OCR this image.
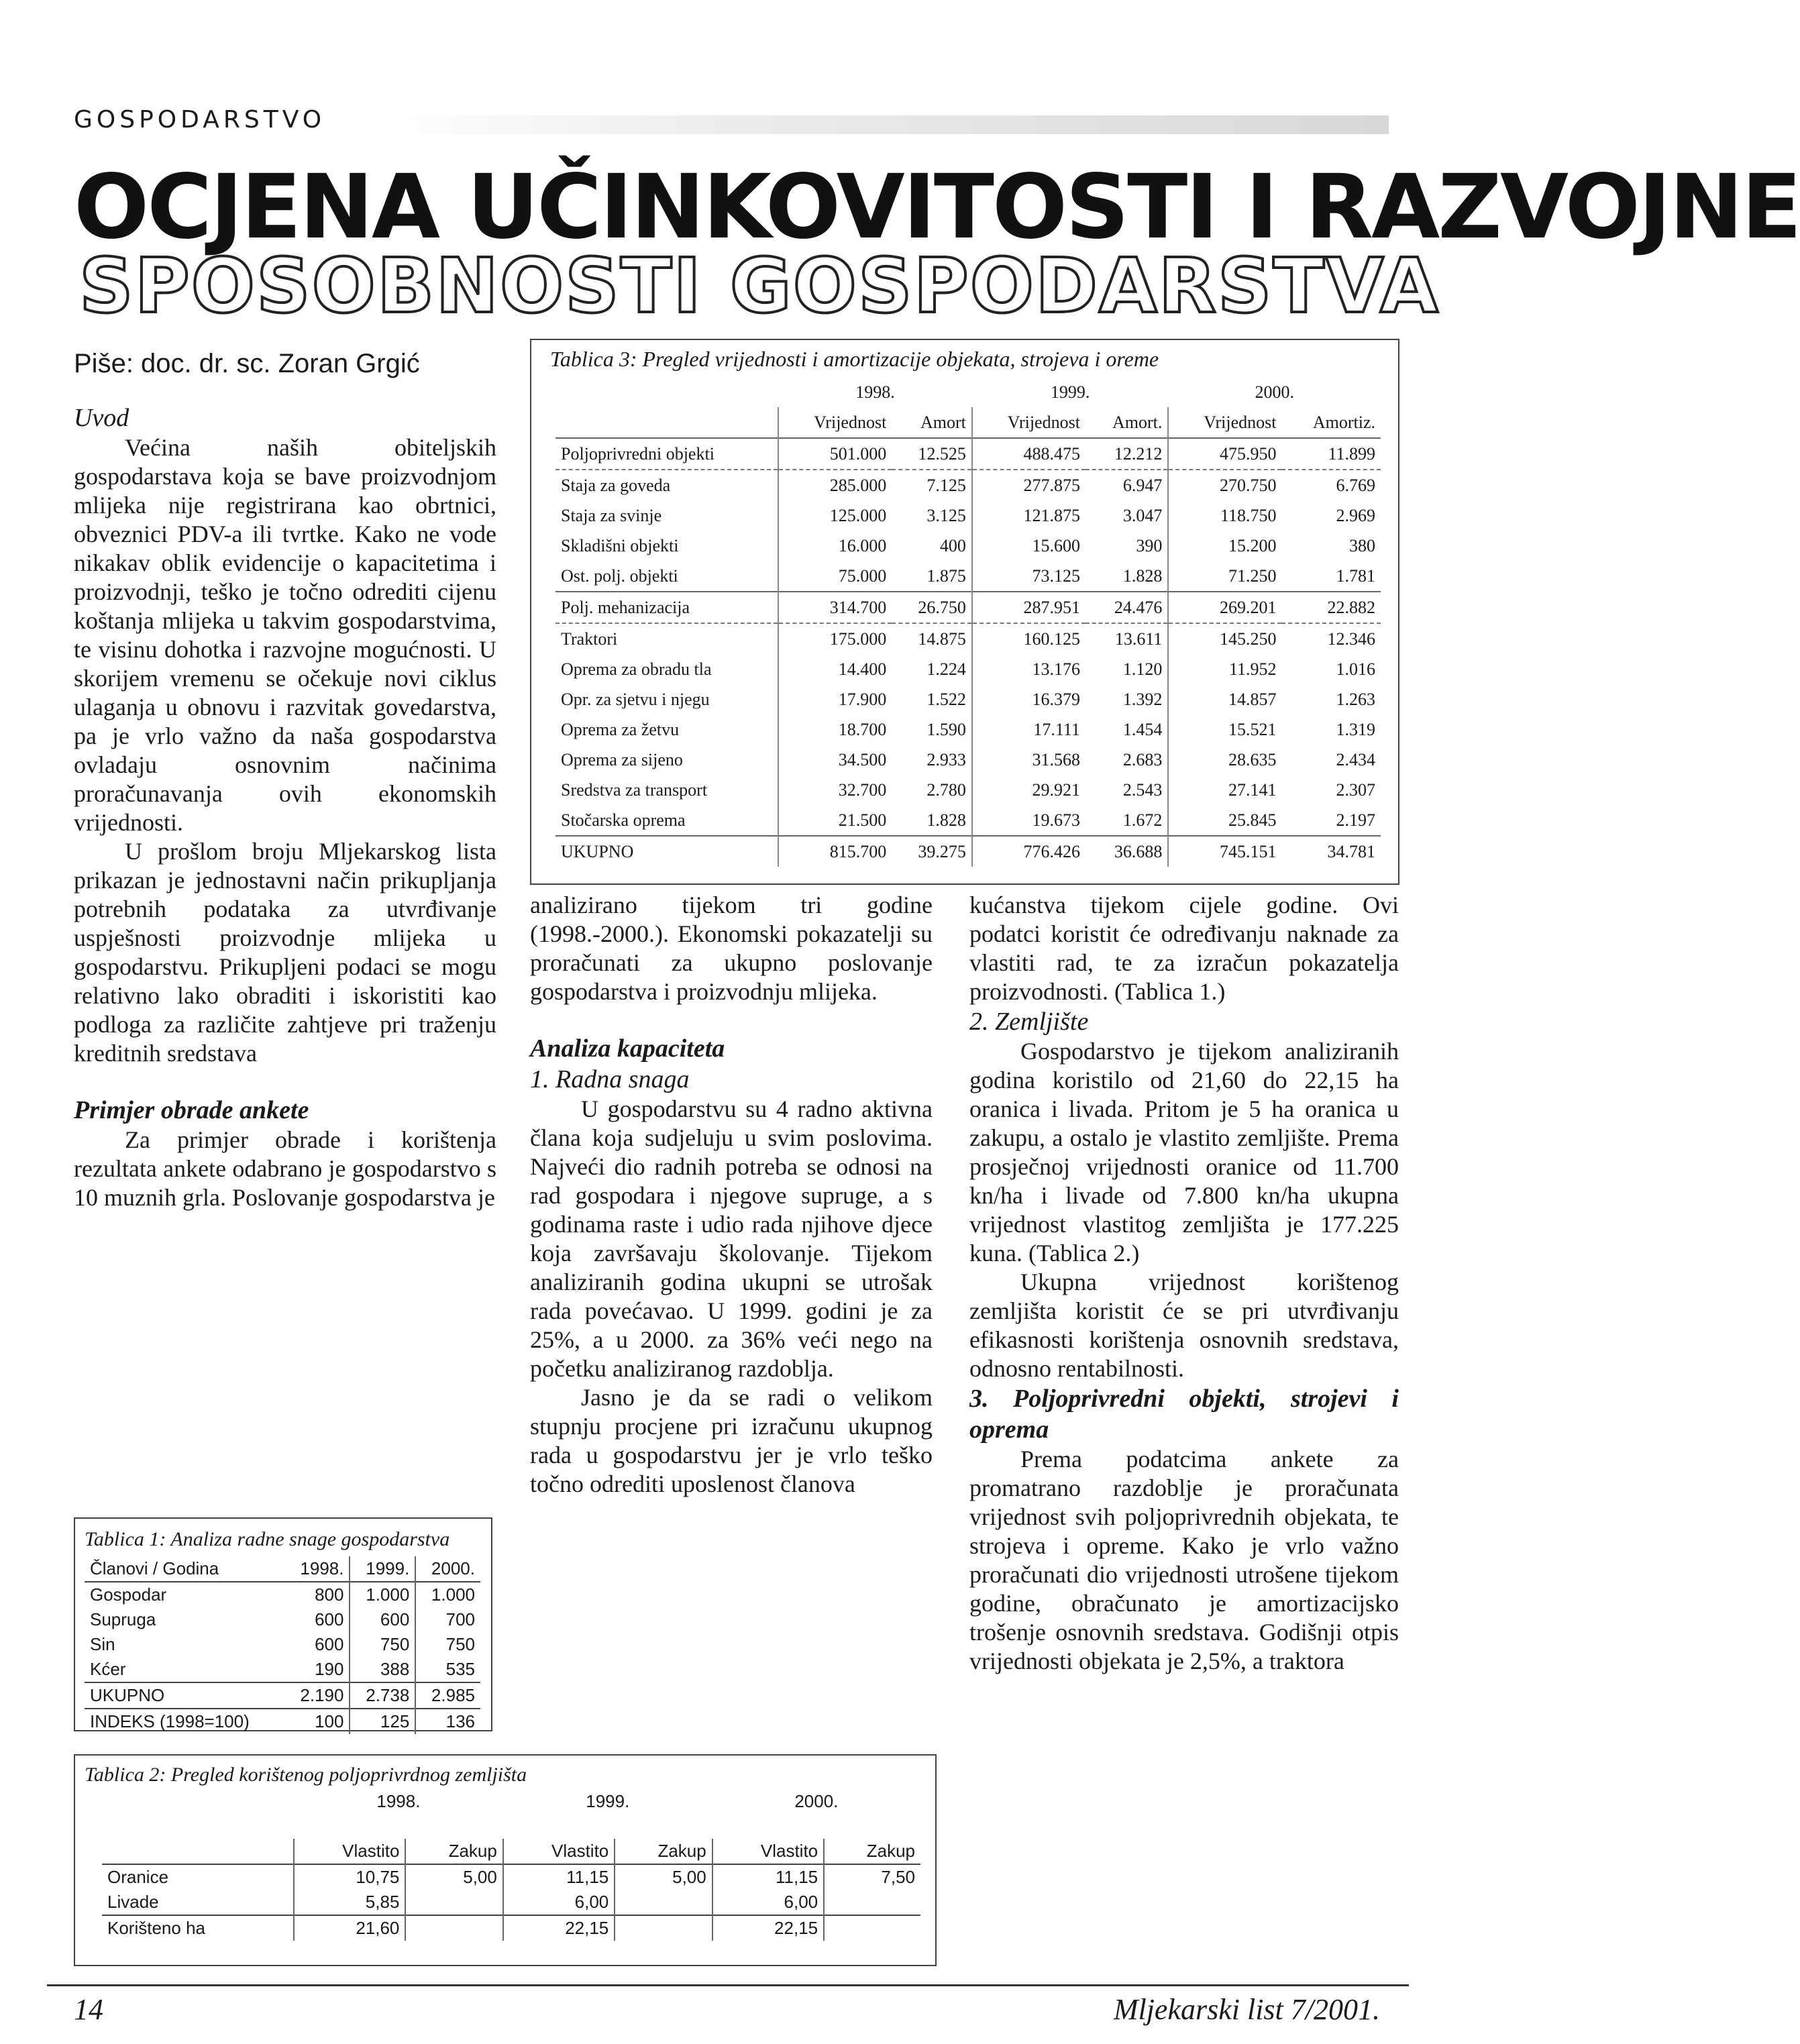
GOSPODARSTVO
OCJENA UČINKOVITOSTI I RAZVOJNE
SPOSOBNOSTI GOSPODARSTVA
Piše: doc. dr. sc. Zoran Grgić
Uvod

Većina naših obiteljskih gospodarstava koja se bave proizvodnjom mlijeka nije registrirana kao obrtnici, obveznici PDV-a ili tvrtke. Kako ne vode nikakav oblik evidencije o kapacitetima i proizvodnji, teško je točno odrediti cijenu koštanja mlijeka u takvim gospodarstvima, te visinu dohotka i razvojne mogućnosti. U skorijem vremenu se očekuje novi ciklus ulaganja u obnovu i razvitak govedarstva, pa je vrlo važno da naša gospodarstva ovladaju osnovnim načinima proračunavanja ovih ekonomskih vrijednosti.

U prošlom broju Mljekarskog lista prikazan je jednostavni način prikupljanja potrebnih podataka za utvrđivanje uspješnosti proizvodnje mlijeka u gospodarstvu. Prikupljeni podaci se mogu relativno lako obraditi i iskoristiti kao podloga za različite zahtjeve pri traženju kreditnih sredstava

Primjer obrade ankete

Za primjer obrade i korištenja rezultata ankete odabrano je gospodarstvo s 10 muznih grla. Poslovanje gospodarstva je

Tablica 1: Analiza radne snage gospodarstva
Članovi / Godina	1998.	1999.	2000.
Gospodar	800	1.000	1.000
Supruga	600	600	700
Sin	600	750	750
Kćer	190	388	535
UKUPNO	2.190	2.738	2.985
INDEKS (1998=100)	100	125	136
Tablica 3: Pregled vrijednosti i amortizacije objekata, strojeva i oreme
	1998.		1999.		2000.	
	Vrijednost	Amort	Vrijednost	Amort.	Vrijednost	Amortiz.
Poljoprivredni objekti	501.000	12.525	488.475	12.212	475.950	11.899
Staja za goveda	285.000	7.125	277.875	6.947	270.750	6.769
Staja za svinje	125.000	3.125	121.875	3.047	118.750	2.969
Skladišni objekti	16.000	400	15.600	390	15.200	380
Ost. polj. objekti	75.000	1.875	73.125	1.828	71.250	1.781
Polj. mehanizacija	314.700	26.750	287.951	24.476	269.201	22.882
Traktori	175.000	14.875	160.125	13.611	145.250	12.346
Oprema za obradu tla	14.400	1.224	13.176	1.120	11.952	1.016
Opr. za sjetvu i njegu	17.900	1.522	16.379	1.392	14.857	1.263
Oprema za žetvu	18.700	1.590	17.111	1.454	15.521	1.319
Oprema za sijeno	34.500	2.933	31.568	2.683	28.635	2.434
Sredstva za transport	32.700	2.780	29.921	2.543	27.141	2.307
Stočarska oprema	21.500	1.828	19.673	1.672	25.845	2.197
UKUPNO	815.700	39.275	776.426	36.688	745.151	34.781

analizirano tijekom tri godine (1998.-2000.). Ekonomski pokazatelji su proračunati za ukupno poslovanje gospodarstva i proizvodnju mlijeka.

Analiza kapaciteta
1. Radna snaga

U gospodarstvu su 4 radno aktivna člana koja sudjeluju u svim poslovima. Najveći dio radnih potreba se odnosi na rad gospodara i njegove supruge, a s godinama raste i udio rada njihove djece koja završavaju školovanje. Tijekom analiziranih godina ukupni se utrošak rada povećavao. U 1999. godini je za 25%, a u 2000. za 36% veći nego na početku analiziranog razdoblja.

Jasno je da se radi o velikom stupnju procjene pri izračunu ukupnog rada u gospodarstvu jer je vrlo teško točno odrediti uposlenost članova

kućanstva tijekom cijele godine. Ovi podatci koristit će određivanju naknade za vlastiti rad, te za izračun pokazatelja proizvodnosti. (Tablica 1.)

2. Zemljište

Gospodarstvo je tijekom analiziranih godina koristilo od 21,60 do 22,15 ha oranica i livada. Pritom je 5 ha oranica u zakupu, a ostalo je vlastito zemljište. Prema prosječnoj vrijednosti oranice od 11.700 kn/ha i livade od 7.800 kn/ha ukupna vrijednost vlastitog zemljišta je 177.225 kuna. (Tablica 2.)

Ukupna vrijednost korištenog zemljišta koristit će se pri utvrđivanju efikasnosti korištenja osnovnih sredstava, odnosno rentabilnosti.

3. Poljoprivredni objekti, strojevi i oprema

Prema podatcima ankete za promatrano razdoblje je proračunata vrijednost svih poljoprivrednih objekata, te strojeva i opreme. Kako je vrlo važno proračunati dio vrijednosti utrošene tijekom godine, obračunato je amortizacijsko trošenje osnovnih sredstava. Godišnji otpis vrijednosti objekata je 2,5%, a traktora

Tablica 2: Pregled korištenog poljoprivrdnog zemljišta
	1998.		1999.		2000.	

	Vlastito	Zakup	Vlastito	Zakup	Vlastito	Zakup
Oranice	10,75	5,00	11,15	5,00	11,15	7,50
Livade	5,85		6,00		6,00	
Korišteno ha	21,60		22,15		22,15	
14	Mljekarski list 7/2001.
